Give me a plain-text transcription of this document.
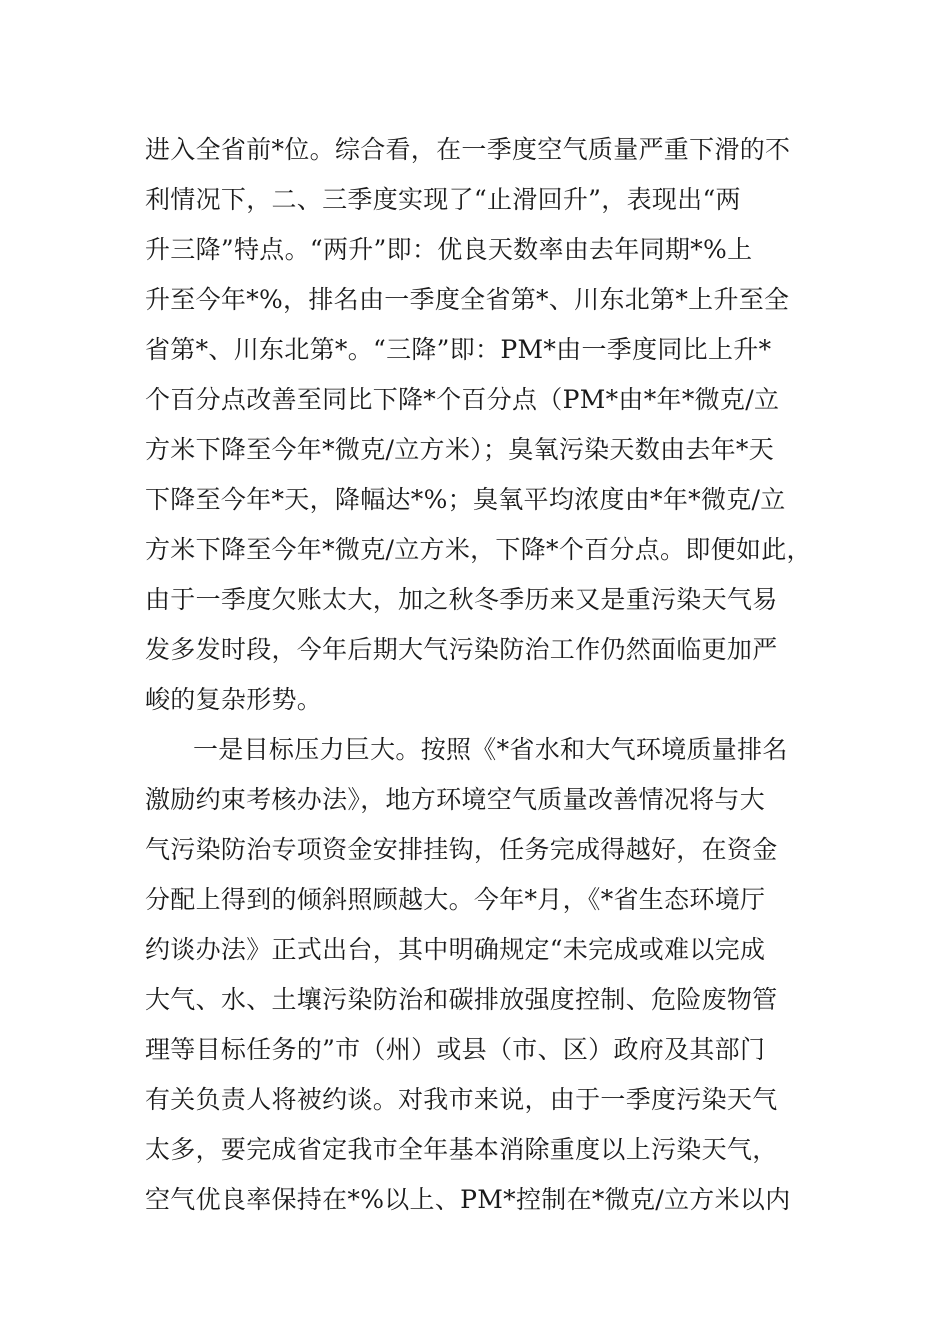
进入全省前*位。综合看，在一季度空气质量严重下滑的不
利情况下，二、三季度实现了“止滑回升”，表现出“两
升三降”特点。“两升”即：优良天数率由去年同期*%上
升至今年*%，排名由一季度全省第*、川东北第*上升至全
省第*、川东北第*。“三降”即：PM*由一季度同比上升*
个百分点改善至同比下降*个百分点（PM*由*年*微克/立
方米下降至今年*微克/立方米）；臭氧污染天数由去年*天
下降至今年*天，降幅达*%；臭氧平均浓度由*年*微克/立
方米下降至今年*微克/立方米，下降*个百分点。即便如此，
由于一季度欠账太大，加之秋冬季历来又是重污染天气易
发多发时段，今年后期大气污染防治工作仍然面临更加严
峻的复杂形势。
一是目标压力巨大。按照《*省水和大气环境质量排名
激励约束考核办法》，地方环境空气质量改善情况将与大
气污染防治专项资金安排挂钩，任务完成得越好，在资金
分配上得到的倾斜照顾越大。今年*月，《*省生态环境厅
约谈办法》正式出台，其中明确规定“未完成或难以完成
大气、水、土壤污染防治和碳排放强度控制、危险废物管
理等目标任务的”市（州）或县（市、区）政府及其部门
有关负责人将被约谈。对我市来说，由于一季度污染天气
太多，要完成省定我市全年基本消除重度以上污染天气，
空气优良率保持在*%以上、PM*控制在*微克/立方米以内
